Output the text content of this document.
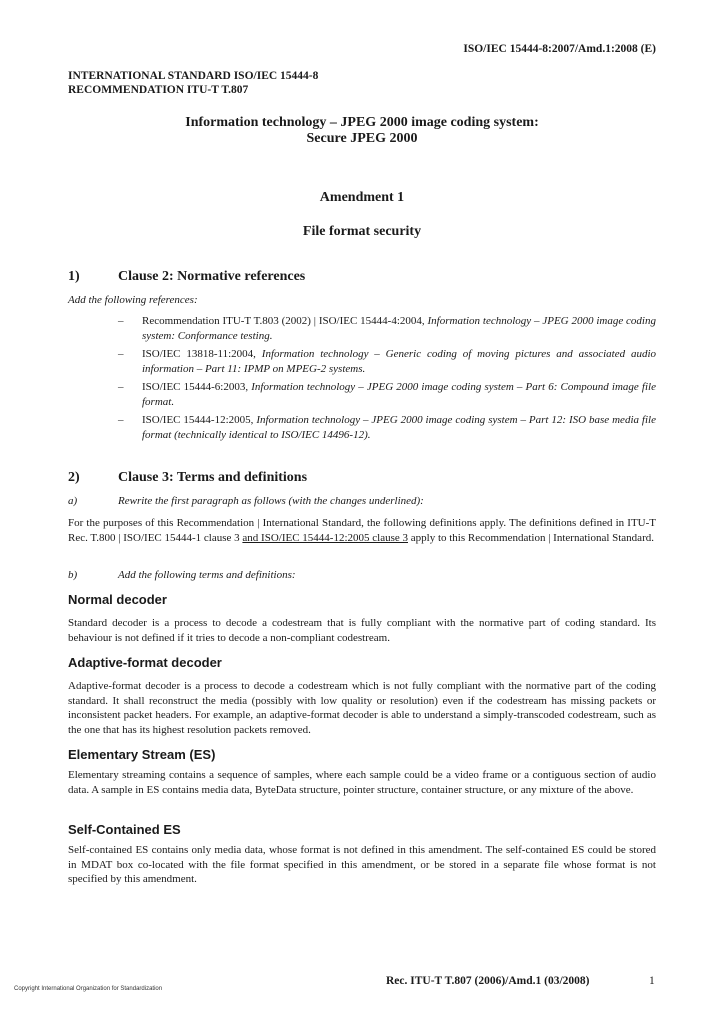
ISO/IEC 15444-8:2007/Amd.1:2008 (E)
INTERNATIONAL STANDARD ISO/IEC 15444-8
RECOMMENDATION ITU-T T.807
Information technology – JPEG 2000 image coding system:
Secure JPEG 2000
Amendment 1
File format security
1)	Clause 2: Normative references
Add the following references:
– Recommendation ITU-T T.803 (2002) | ISO/IEC 15444-4:2004, Information technology – JPEG 2000 image coding system: Conformance testing.
– ISO/IEC 13818-11:2004, Information technology – Generic coding of moving pictures and associated audio information – Part 11: IPMP on MPEG-2 systems.
– ISO/IEC 15444-6:2003, Information technology – JPEG 2000 image coding system – Part 6: Compound image file format.
– ISO/IEC 15444-12:2005, Information technology – JPEG 2000 image coding system – Part 12: ISO base media file format (technically identical to ISO/IEC 14496-12).
2)	Clause 3: Terms and definitions
a)	Rewrite the first paragraph as follows (with the changes underlined):
For the purposes of this Recommendation | International Standard, the following definitions apply. The definitions defined in ITU-T Rec. T.800 | ISO/IEC 15444-1 clause 3 and ISO/IEC 15444-12:2005 clause 3 apply to this Recommendation | International Standard.
b)	Add the following terms and definitions:
Normal decoder
Standard decoder is a process to decode a codestream that is fully compliant with the normative part of coding standard. Its behaviour is not defined if it tries to decode a non-compliant codestream.
Adaptive-format decoder
Adaptive-format decoder is a process to decode a codestream which is not fully compliant with the normative part of the coding standard. It shall reconstruct the media (possibly with low quality or resolution) even if the codestream has missing packets or inconsistent packet headers. For example, an adaptive-format decoder is able to understand a simply-transcoded codestream, such as the one that has its highest resolution packets removed.
Elementary Stream (ES)
Elementary streaming contains a sequence of samples, where each sample could be a video frame or a contiguous section of audio data. A sample in ES contains media data, ByteData structure, pointer structure, container structure, or any mixture of the above.
Self-Contained ES
Self-contained ES contains only media data, whose format is not defined in this amendment. The self-contained ES could be stored in MDAT box co-located with the file format specified in this amendment, or be stored in a separate file whose format is not specified by this amendment.
Rec. ITU-T T.807 (2006)/Amd.1 (03/2008)	1
Copyright International Organization for Standardization
